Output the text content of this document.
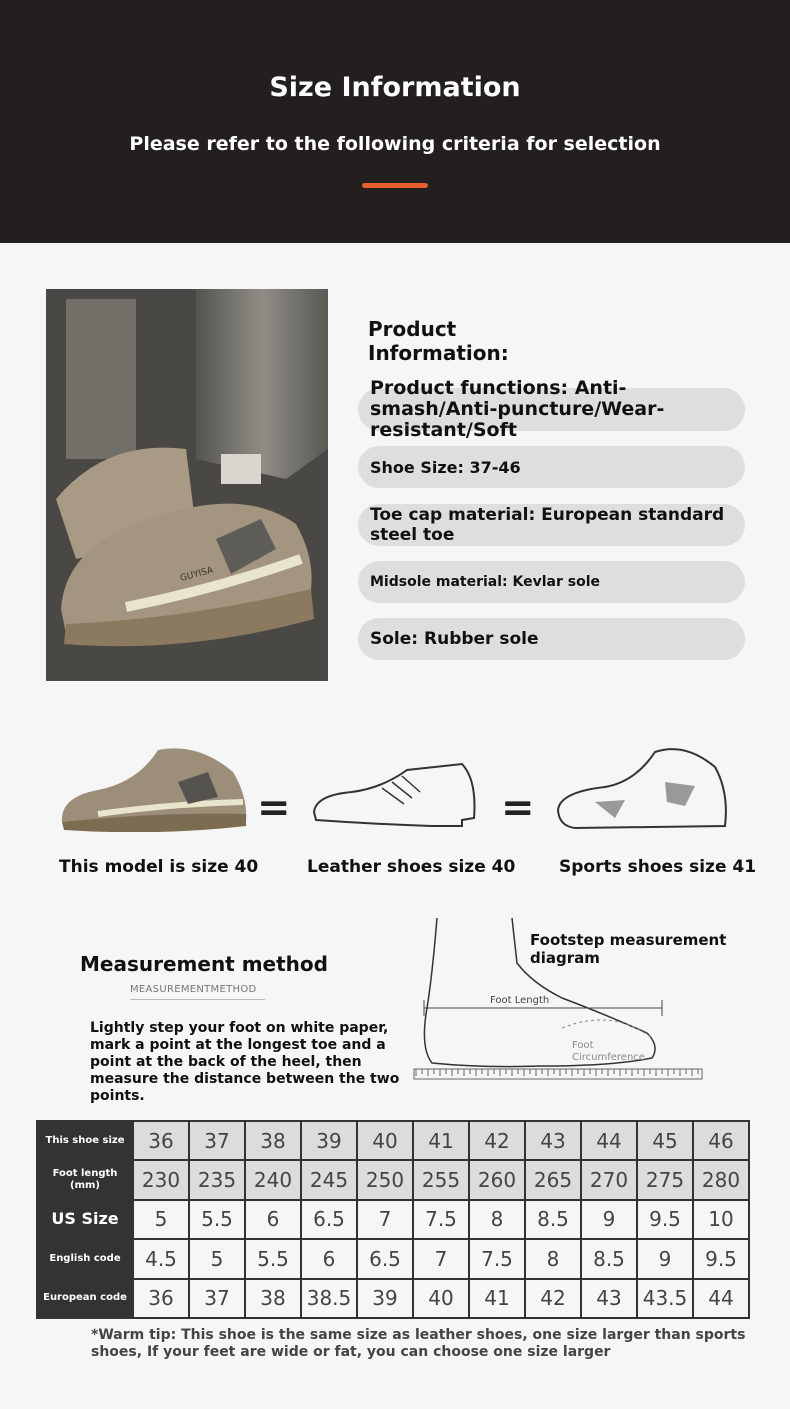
Size Information
Please refer to the following criteria for selection
GUYISA
Product Information:
Product functions: Anti-smash/Anti-puncture/Wear-resistant/Soft
Shoe Size: 37-46
Toe cap material: European standard steel toe
Midsole material: Kevlar sole
Sole: Rubber sole
=	=
This model is size 40	Leather shoes size 40	Sports shoes size 41
Measurement method
MEASUREMENTMETHOD
Lightly step your foot on white paper, mark a point at the longest toe and a point at the back of the heel, then measure the distance between the two points.
Footstep measurement diagram
Foot Length
Foot
Circumference
This shoe size	36	37	38	39	40	41	42	43	44	45	46
Foot length (mm)	230	235	240	245	250	255	260	265	270	275	280
US Size	5	5.5	6	6.5	7	7.5	8	8.5	9	9.5	10
English code	4.5	5	5.5	6	6.5	7	7.5	8	8.5	9	9.5
European code	36	37	38	38.5	39	40	41	42	43	43.5	44
*Warm tip: This shoe is the same size as leather shoes, one size larger than sports shoes, If your feet are wide or fat, you can choose one size larger
